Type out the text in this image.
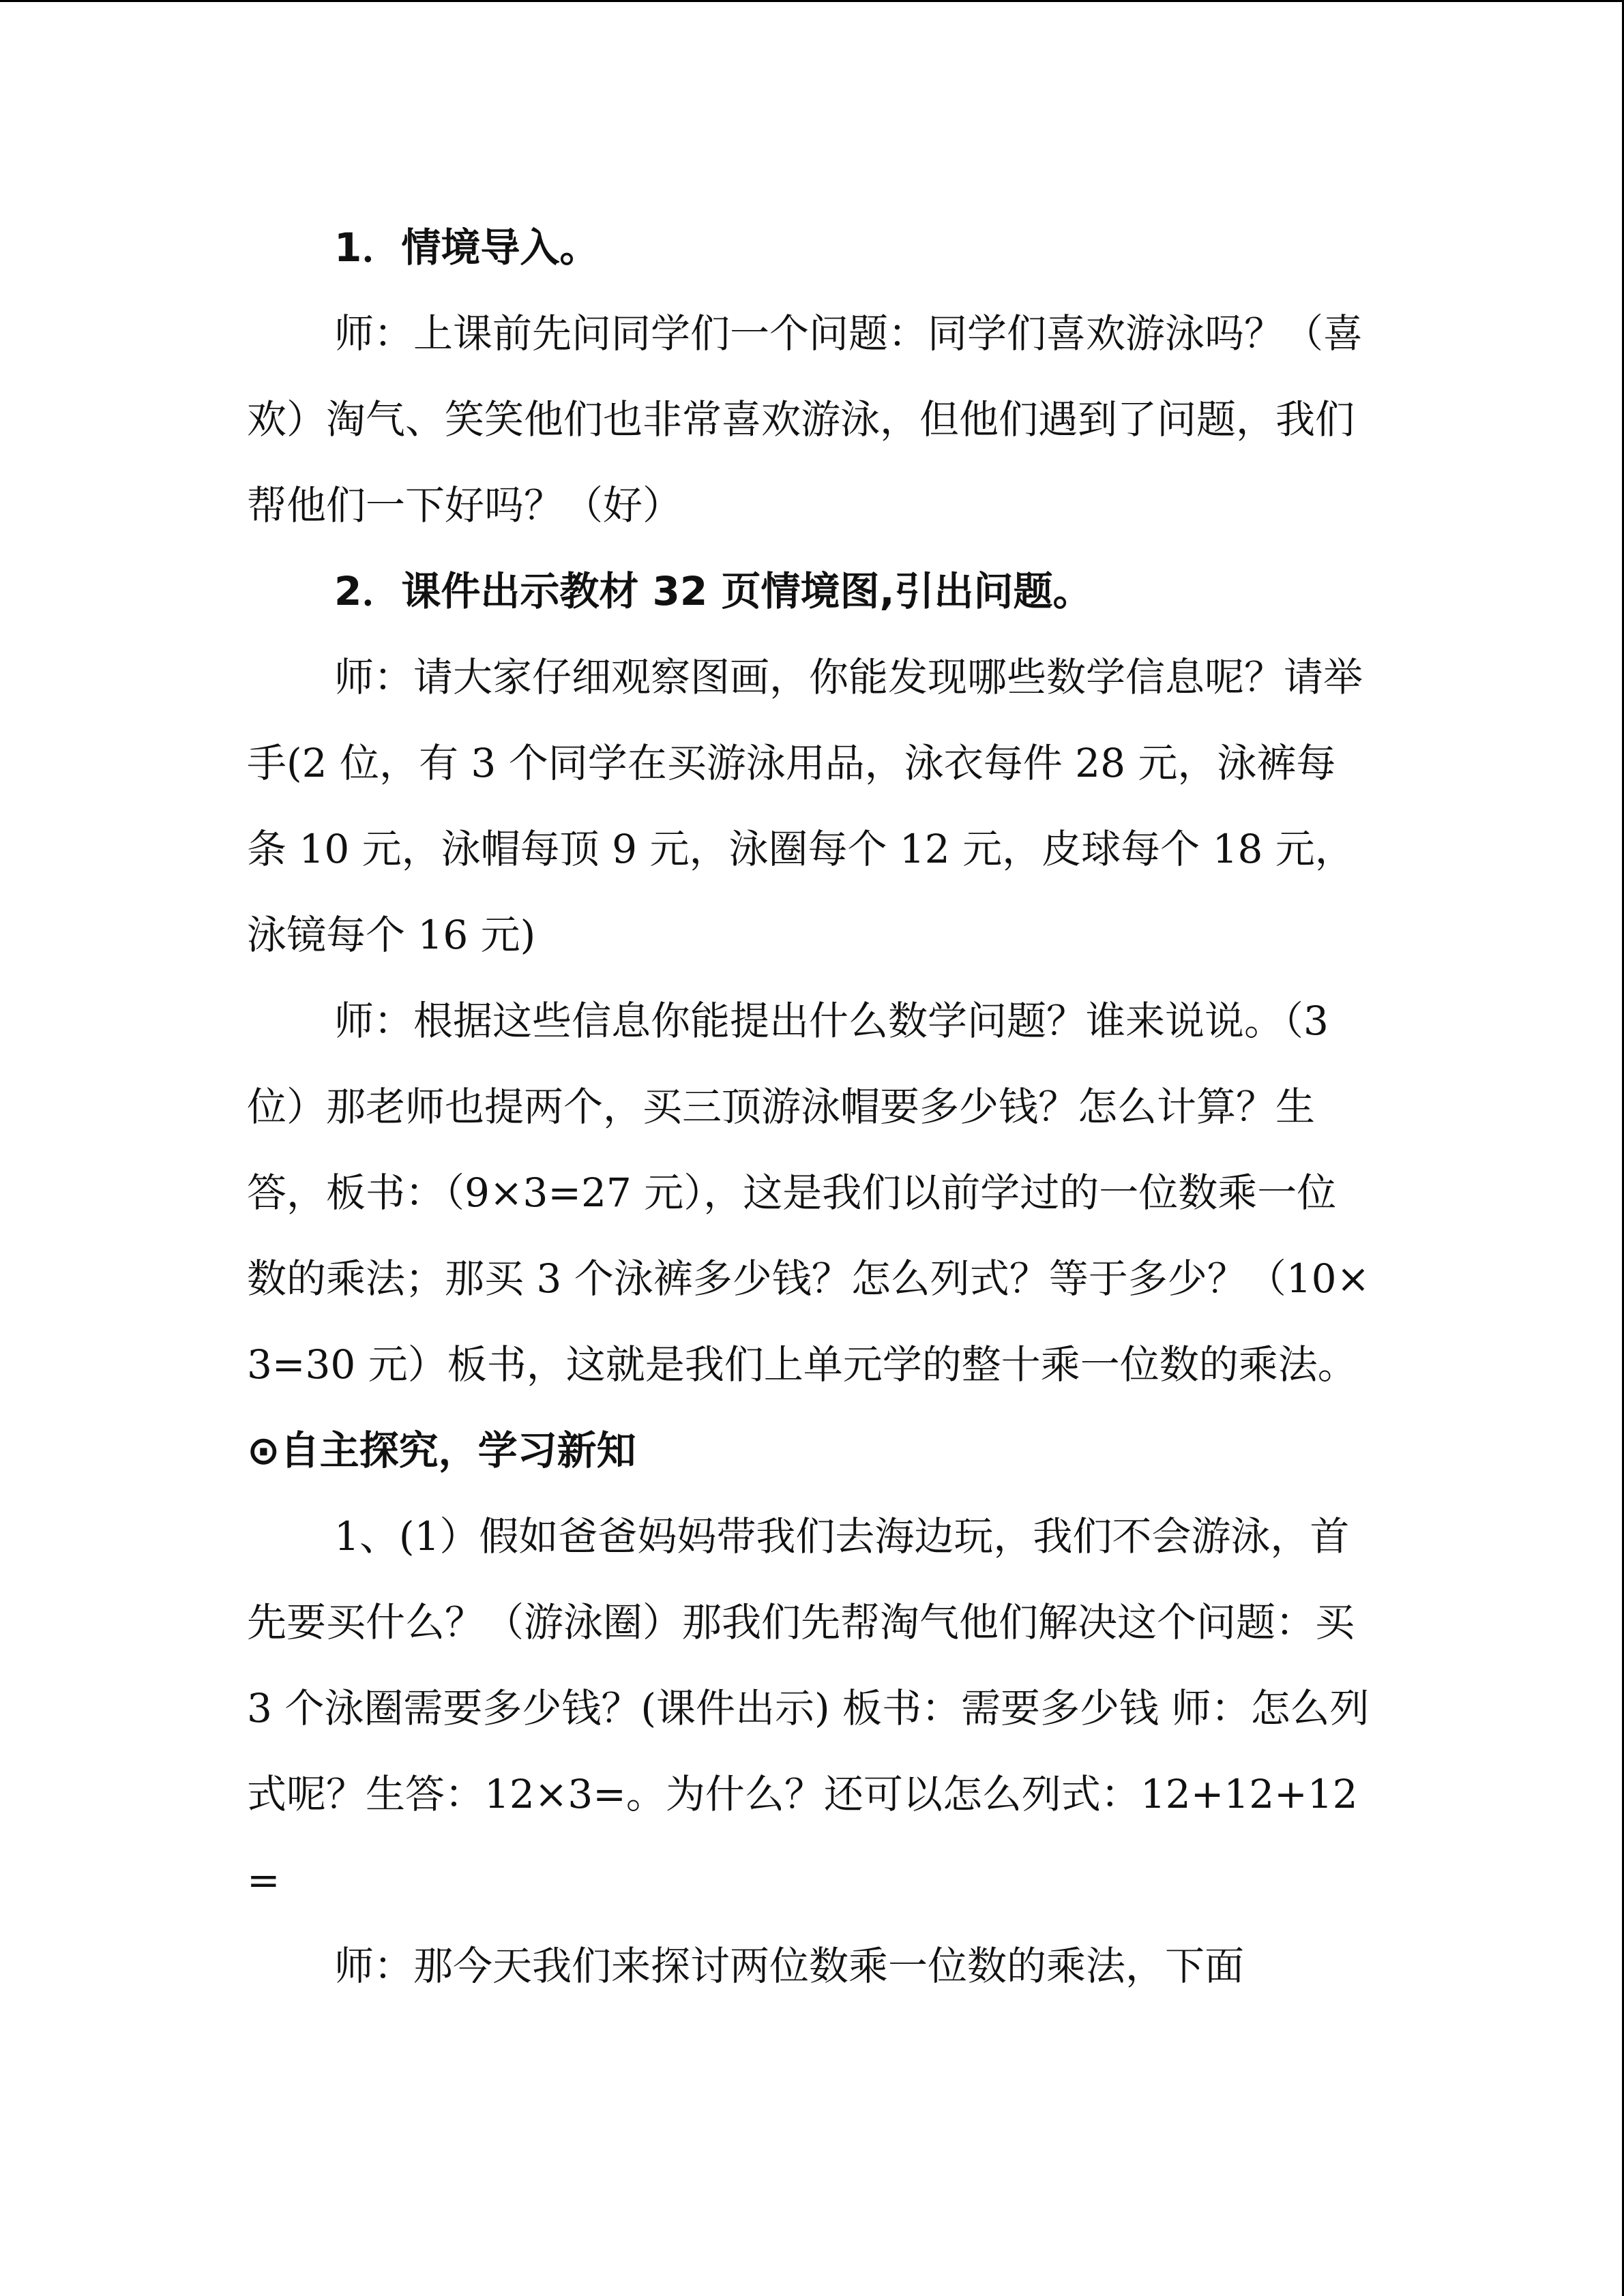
1．情境导入。

师：上课前先问同学们一个问题：同学们喜欢游泳吗？（喜欢）淘气、笑笑他们也非常喜欢游泳，但他们遇到了问题，我们帮他们一下好吗？（好）

2．课件出示教材 32 页情境图,引出问题。

师：请大家仔细观察图画，你能发现哪些数学信息呢？请举手(2 位，有 3 个同学在买游泳用品，泳衣每件 28 元，泳裤每条 10 元，泳帽每顶 9 元，泳圈每个 12 元，皮球每个 18 元，泳镜每个 16 元)

师：根据这些信息你能提出什么数学问题？谁来说说。（3 位）那老师也提两个，买三顶游泳帽要多少钱？怎么计算？生答，板书：（9×3=27 元），这是我们以前学过的一位数乘一位数的乘法；那买 3 个泳裤多少钱？怎么列式？等于多少？（10×3=30 元）板书，这就是我们上单元学的整十乘一位数的乘法。

⊙自主探究，学习新知

1、(1）假如爸爸妈妈带我们去海边玩，我们不会游泳，首先要买什么？（游泳圈）那我们先帮淘气他们解决这个问题：买 3 个泳圈需要多少钱？(课件出示) 板书：需要多少钱 师：怎么列式呢？生答：12×3=。为什么？还可以怎么列式：12+12+12=

师：那今天我们来探讨两位数乘一位数的乘法，下面
